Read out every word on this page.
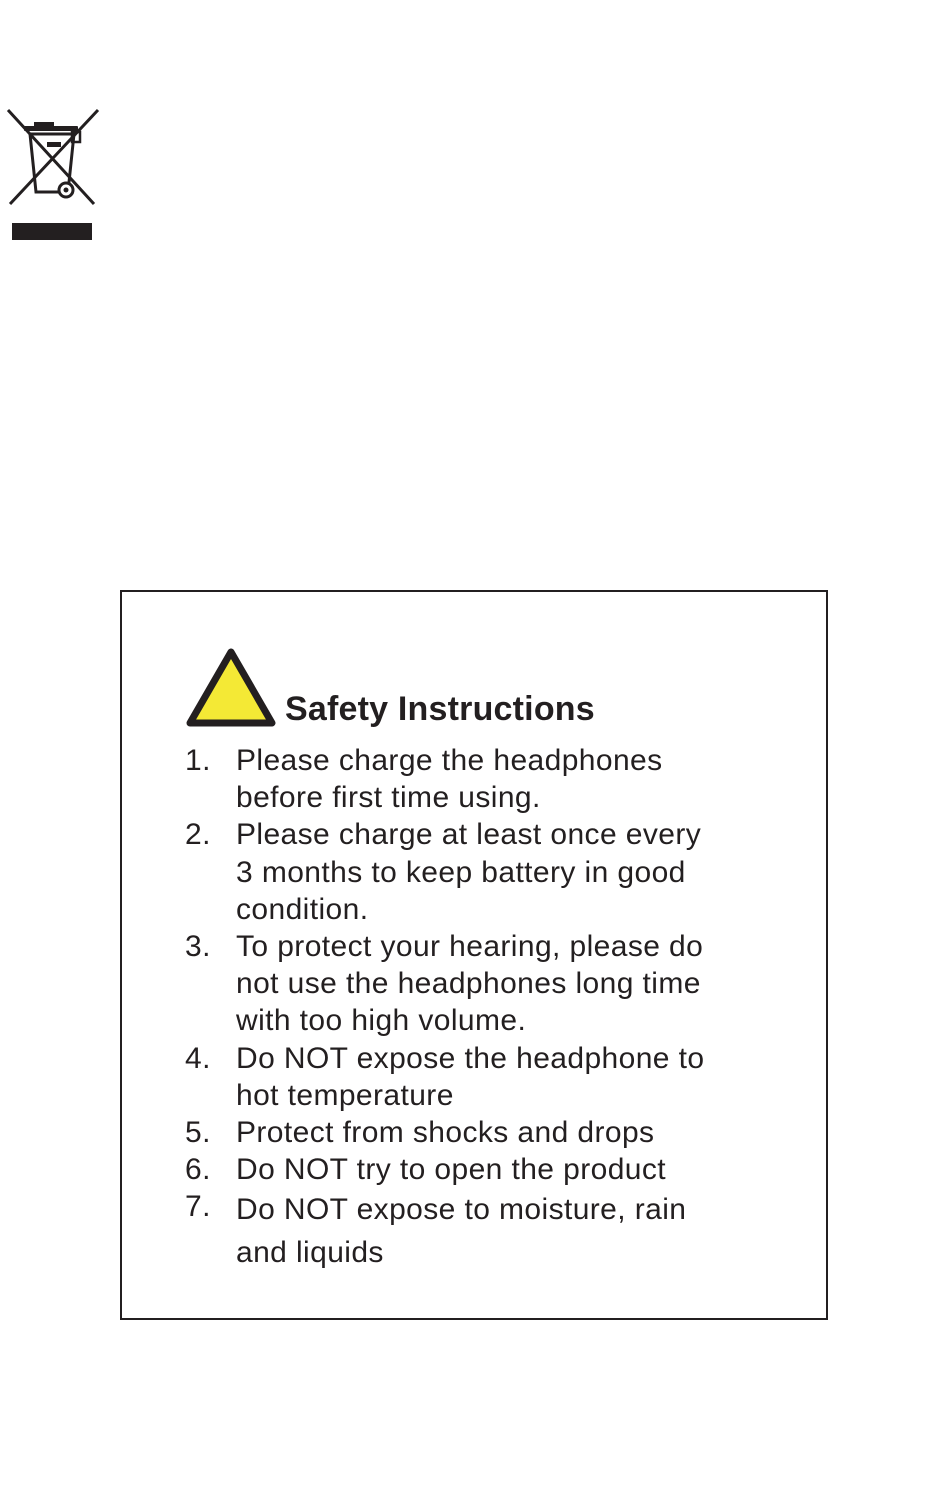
Safety Instructions
1. Please charge the headphones
before first time using.
2. Please charge at least once every
3 months to keep battery in good
condition.
3. To protect your hearing, please do
not use the headphones long time
with too high volume.
4. Do NOT expose the headphone to
hot temperature
5. Protect from shocks and drops
6. Do NOT try to open the product
7. Do NOT expose to moisture, rain
and liquids
